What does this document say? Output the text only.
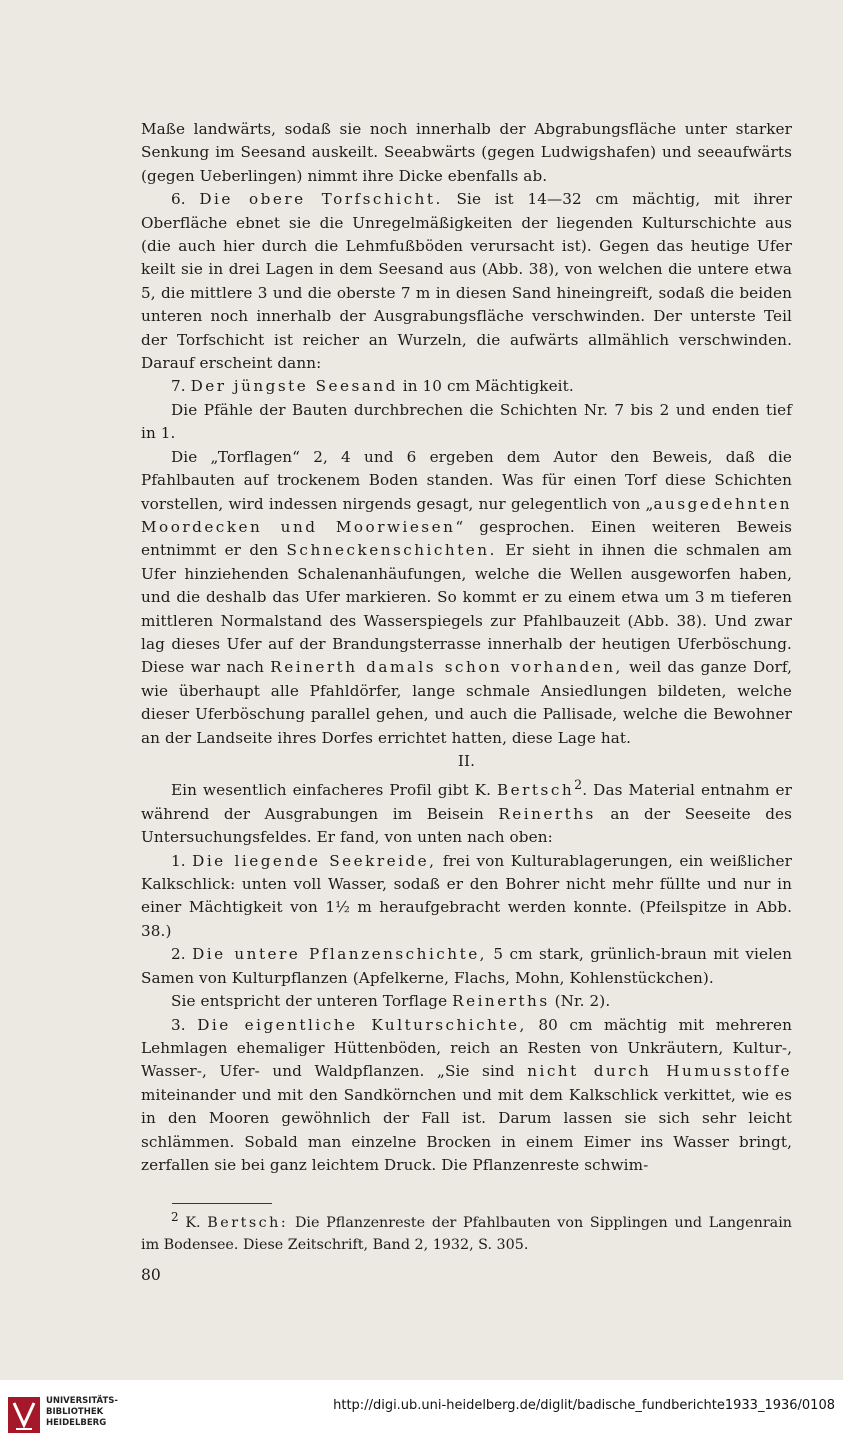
Maße landwärts, sodaß sie noch innerhalb der Abgrabungsfläche unter starker Senkung im Seesand auskeilt. Seeabwärts (gegen Ludwigshafen) und seeaufwärts (gegen Ueberlingen) nimmt ihre Dicke ebenfalls ab.

6. Die obere Torfschicht. Sie ist 14—32 cm mächtig, mit ihrer Oberfläche ebnet sie die Unregelmäßigkeiten der liegenden Kulturschichte aus (die auch hier durch die Lehmfußböden verursacht ist). Gegen das heutige Ufer keilt sie in drei Lagen in dem Seesand aus (Abb. 38), von welchen die untere etwa 5, die mittlere 3 und die oberste 7 m in diesen Sand hineingreift, sodaß die beiden unteren noch innerhalb der Ausgrabungsfläche verschwinden. Der unterste Teil der Torfschicht ist reicher an Wurzeln, die aufwärts allmählich verschwinden. Darauf erscheint dann:

7. Der jüngste Seesand in 10 cm Mächtigkeit.

Die Pfähle der Bauten durchbrechen die Schichten Nr. 7 bis 2 und enden tief in 1.

Die „Torflagen“ 2, 4 und 6 ergeben dem Autor den Beweis, daß die Pfahlbauten auf trockenem Boden standen. Was für einen Torf diese Schichten vorstellen, wird indessen nirgends gesagt, nur gelegentlich von „ausgedehnten Moordecken und Moorwiesen“ gesprochen. Einen weiteren Beweis entnimmt er den Schneckenschichten. Er sieht in ihnen die schmalen am Ufer hinziehenden Schalenanhäufungen, welche die Wellen ausgeworfen haben, und die deshalb das Ufer markieren. So kommt er zu einem etwa um 3 m tieferen mittleren Normalstand des Wasserspiegels zur Pfahlbauzeit (Abb. 38). Und zwar lag dieses Ufer auf der Brandungsterrasse innerhalb der heutigen Uferböschung. Diese war nach Reinerth damals schon vorhanden, weil das ganze Dorf, wie überhaupt alle Pfahldörfer, lange schmale Ansiedlungen bildeten, welche dieser Uferböschung parallel gehen, und auch die Pallisade, welche die Bewohner an der Landseite ihres Dorfes errichtet hatten, diese Lage hat.

II.

Ein wesentlich einfacheres Profil gibt K. Bertsch$^2$. Das Material entnahm er während der Ausgrabungen im Beisein Reinerths an der Seeseite des Untersuchungsfeldes. Er fand, von unten nach oben:

1. Die liegende Seekreide, frei von Kulturablagerungen, ein weißlicher Kalkschlick: unten voll Wasser, sodaß er den Bohrer nicht mehr füllte und nur in einer Mächtigkeit von 1½ m heraufgebracht werden konnte. (Pfeilspitze in Abb. 38.)

2. Die untere Pflanzenschichte, 5 cm stark, grünlich-braun mit vielen Samen von Kulturpflanzen (Apfelkerne, Flachs, Mohn, Kohlenstückchen).

Sie entspricht der unteren Torflage Reinerths (Nr. 2).

3. Die eigentliche Kulturschichte, 80 cm mächtig mit mehreren Lehmlagen ehemaliger Hüttenböden, reich an Resten von Unkräutern, Kultur-, Wasser-, Ufer- und Waldpflanzen. „Sie sind nicht durch Humusstoffe miteinander und mit den Sandkörnchen und mit dem Kalkschlick verkittet, wie es in den Mooren gewöhnlich der Fall ist. Darum lassen sie sich sehr leicht schlämmen. Sobald man einzelne Brocken in einem Eimer ins Wasser bringt, zerfallen sie bei ganz leichtem Druck. Die Pflanzenreste schwim-

$^2$ K. Bertsch: Die Pflanzenreste der Pfahlbauten von Sipplingen und Langenrain im Bodensee. Diese Zeitschrift, Band 2, 1932, S. 305.

80
UNIVERSITÄTS-
BIBLIOTHEK
HEIDELBERG
http://digi.ub.uni-heidelberg.de/diglit/badische_fundberichte1933_1936/0108
